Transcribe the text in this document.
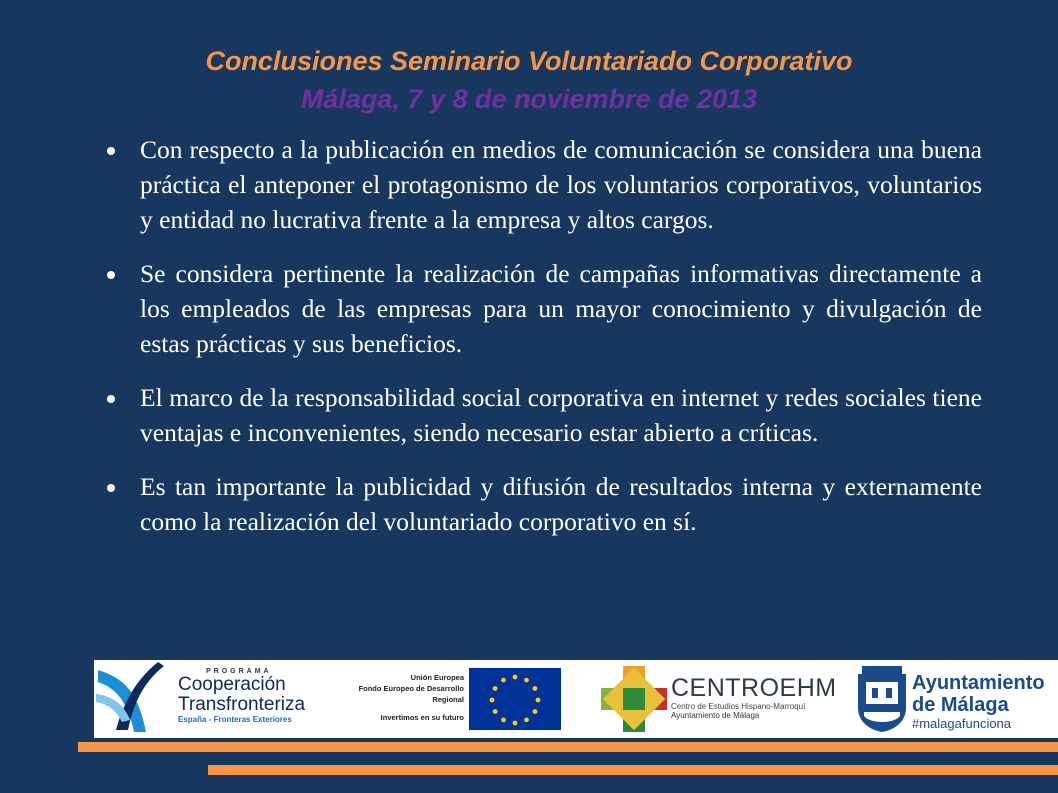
Conclusiones Seminario Voluntariado Corporativo
Málaga, 7 y 8 de noviembre de 2013
Con respecto a la publicación en medios de comunicación se considera una buena práctica el anteponer el protagonismo de los voluntarios corporativos, voluntarios y entidad no lucrativa frente a la empresa y altos cargos.
Se considera pertinente la realización de campañas informativas directamente a los empleados de las empresas para un mayor conocimiento y divulgación de estas prácticas y sus beneficios.
El marco de la responsabilidad social corporativa en internet y redes sociales tiene ventajas e inconvenientes, siendo necesario estar abierto a críticas.
Es tan importante la publicidad y difusión de resultados interna y externamente como la realización del voluntariado corporativo en sí.
PROGRAMA
Cooperación
Transfronteriza
España - Fronteras Exteriores
Unión Europea
Fondo Europeo de Desarrollo
Regional
Invertimos en su futuro
CENTROEHM
Centro de Estudios Hispano-Marroquí
Ayuntamiento de Málaga
Ayuntamiento
de Málaga
#malagafunciona
